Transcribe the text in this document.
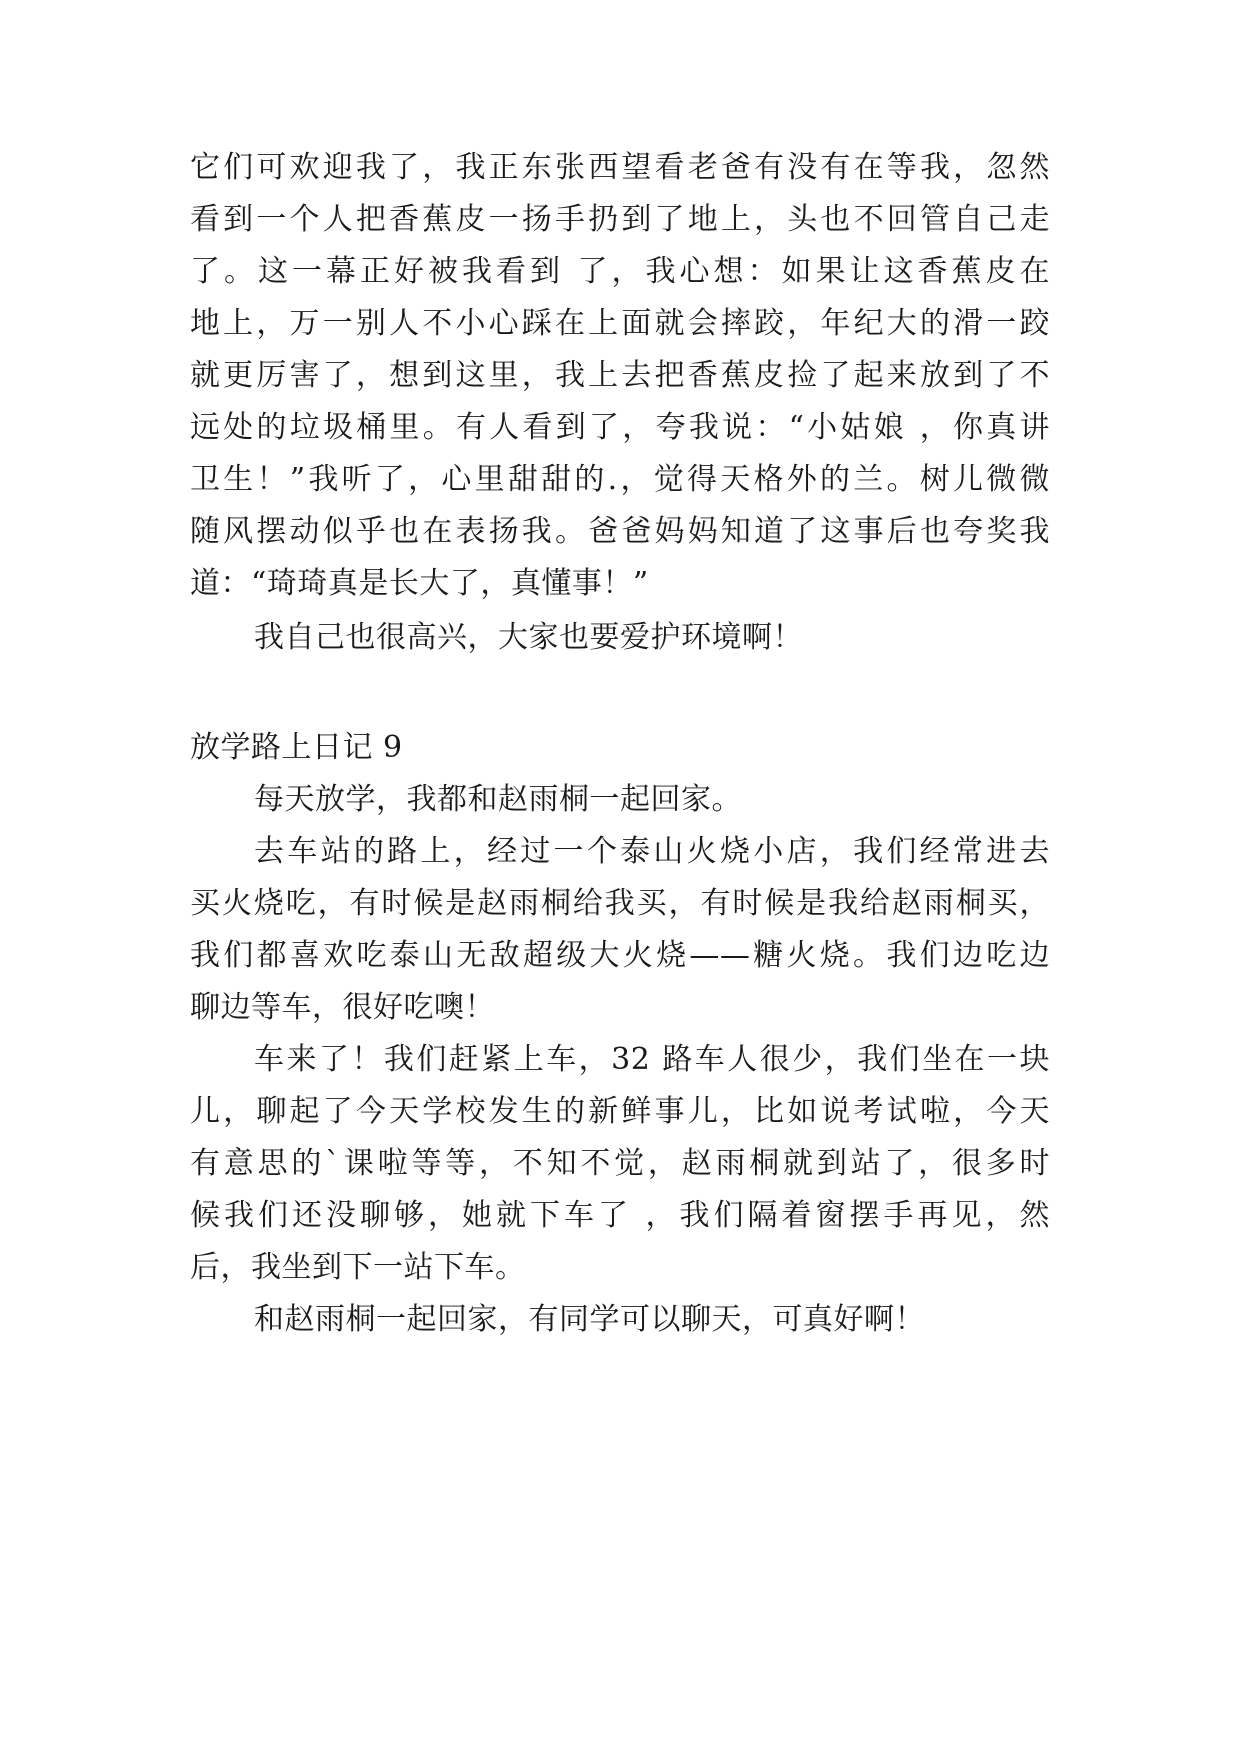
它们可欢迎我了，我正东张西望看老爸有没有在等我，忽然
看到一个人把香蕉皮一扬手扔到了地上，头也不回管自己走
了。这一幕正好被我看到 了，我心想：如果让这香蕉皮在
地上，万一别人不小心踩在上面就会摔跤，年纪大的滑一跤
就更厉害了，想到这里，我上去把香蕉皮捡了起来放到了不
远处的垃圾桶里。有人看到了，夸我说：“小姑娘 ，你真讲
卫生！”我听了，心里甜甜的.，觉得天格外的兰。树儿微微
随风摆动似乎也在表扬我。爸爸妈妈知道了这事后也夸奖我
道：“琦琦真是长大了，真懂事！”
我自己也很高兴，大家也要爱护环境啊！
放学路上日记 9
每天放学，我都和赵雨桐一起回家。
去车站的路上，经过一个泰山火烧小店，我们经常进去
买火烧吃，有时候是赵雨桐给我买，有时候是我给赵雨桐买，
我们都喜欢吃泰山无敌超级大火烧——糖火烧。我们边吃边
聊边等车，很好吃噢！
车来了！我们赶紧上车，32 路车人很少，我们坐在一块
儿，聊起了今天学校发生的新鲜事儿，比如说考试啦，今天
有意思的`课啦等等，不知不觉，赵雨桐就到站了，很多时
候我们还没聊够，她就下车了 ，我们隔着窗摆手再见，然
后，我坐到下一站下车。
和赵雨桐一起回家，有同学可以聊天，可真好啊！
